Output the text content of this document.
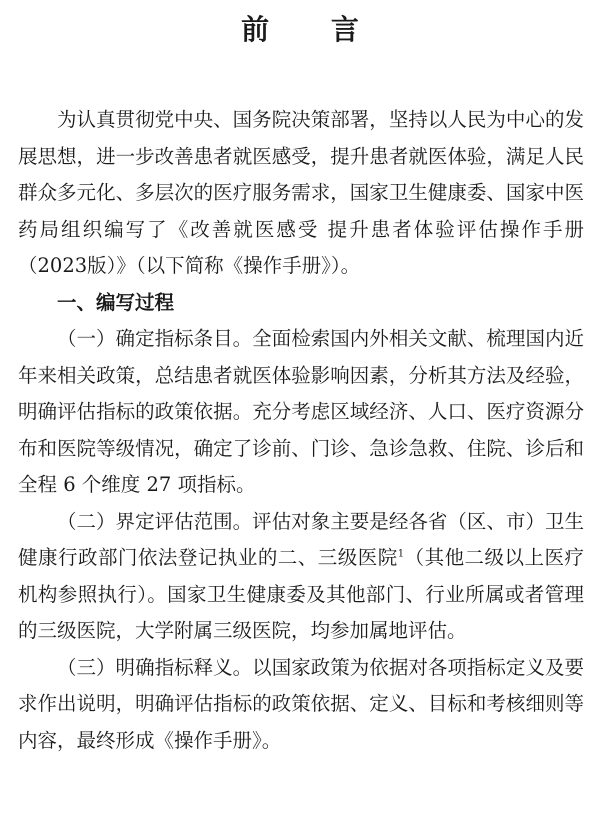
前 言

为认真贯彻党中央、国务院决策部署，坚持以人民为中心的发展思想，进一步改善患者就医感受，提升患者就医体验，满足人民群众多元化、多层次的医疗服务需求，国家卫生健康委、国家中医药局组织编写了《改善就医感受 提升患者体验评估操作手册（2023版）》（以下简称《操作手册》）。

一、编写过程

（一）确定指标条目。全面检索国内外相关文献、梳理国内近年来相关政策，总结患者就医体验影响因素，分析其方法及经验，明确评估指标的政策依据。充分考虑区域经济、人口、医疗资源分布和医院等级情况，确定了诊前、门诊、急诊急救、住院、诊后和全程 6 个维度 27 项指标。

（二）界定评估范围。评估对象主要是经各省（区、市）卫生健康行政部门依法登记执业的二、三级医院$^1$（其他二级以上医疗机构参照执行）。国家卫生健康委及其他部门、行业所属或者管理的三级医院，大学附属三级医院，均参加属地评估。

（三）明确指标释义。以国家政策为依据对各项指标定义及要求作出说明，明确评估指标的政策依据、定义、目标和考核细则等内容，最终形成《操作手册》。
